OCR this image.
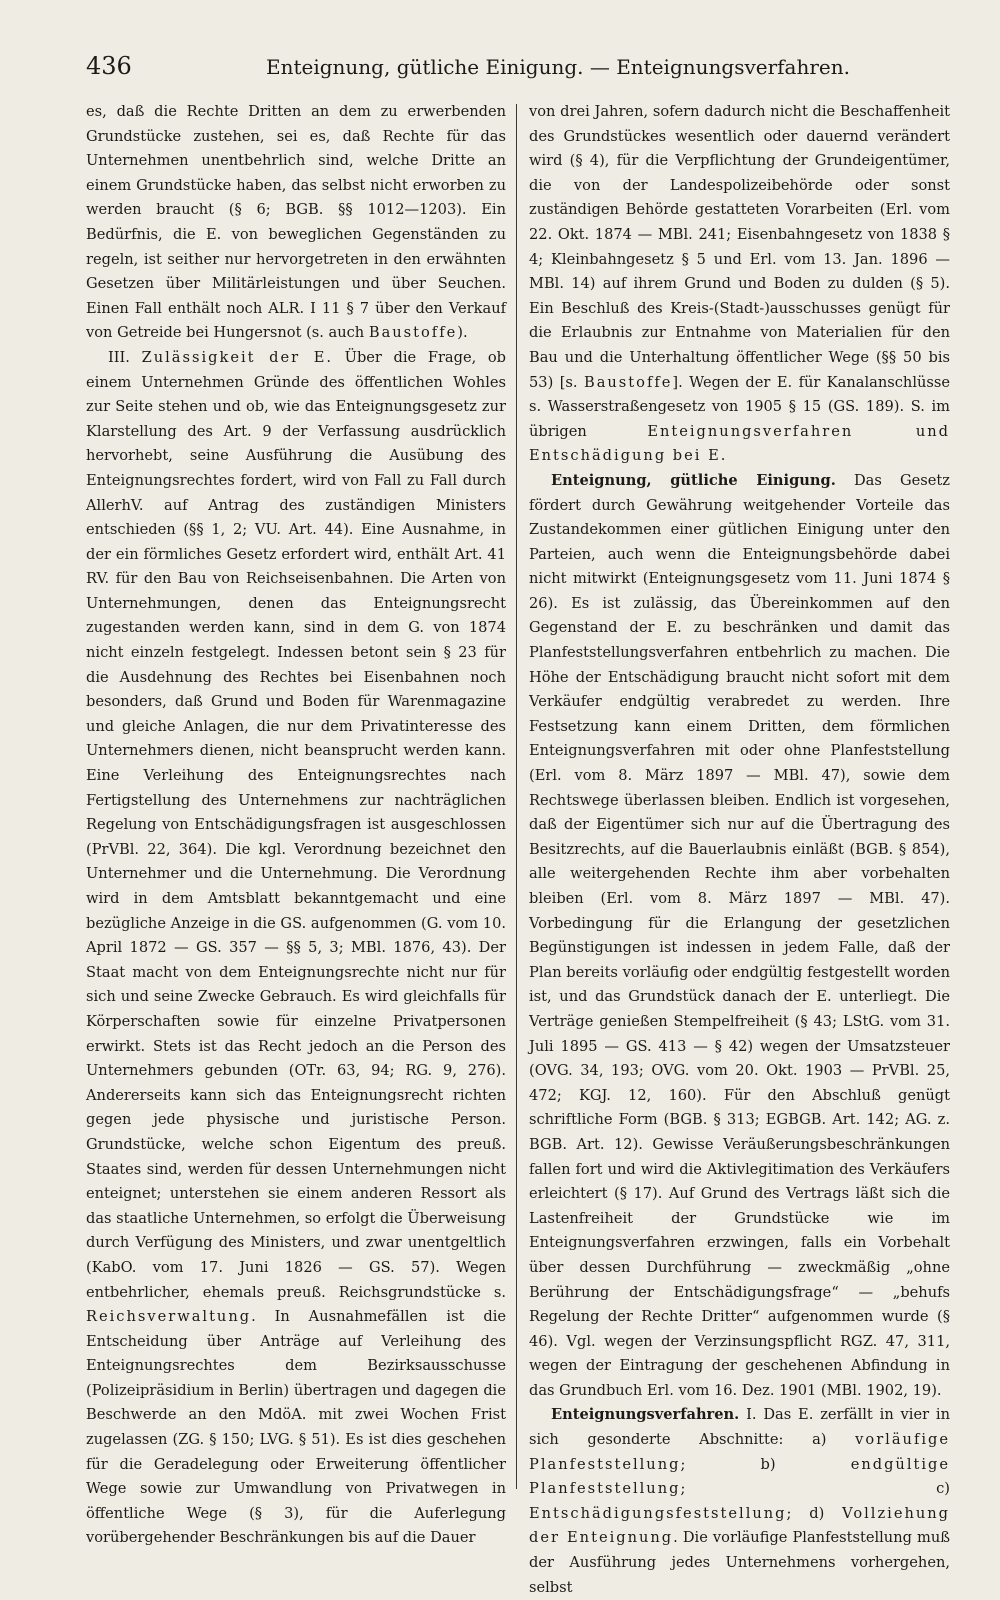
436	Enteignung, gütliche Einigung. — Enteignungsverfahren.

es, daß die Rechte Dritten an dem zu erwerbenden Grundstücke zustehen, sei es, daß Rechte für das Unternehmen unentbehrlich sind, welche Dritte an einem Grundstücke haben, das selbst nicht erworben zu werden braucht (§ 6; BGB. §§ 1012—1203). Ein Bedürfnis, die E. von beweglichen Gegenständen zu regeln, ist seither nur hervorgetreten in den erwähnten Gesetzen über Militärleistungen und über Seuchen. Einen Fall enthält noch ALR. I 11 § 7 über den Verkauf von Getreide bei Hungersnot (s. auch Baustoffe).

III. Zulässigkeit der E. Über die Frage, ob einem Unternehmen Gründe des öffentlichen Wohles zur Seite stehen und ob, wie das Enteignungsgesetz zur Klarstellung des Art. 9 der Verfassung ausdrücklich hervorhebt, seine Ausführung die Ausübung des Enteignungsrechtes fordert, wird von Fall zu Fall durch AllerhV. auf Antrag des zuständigen Ministers entschieden (§§ 1, 2; VU. Art. 44). Eine Ausnahme, in der ein förmliches Gesetz erfordert wird, enthält Art. 41 RV. für den Bau von Reichseisenbahnen. Die Arten von Unternehmungen, denen das Enteignungsrecht zugestanden werden kann, sind in dem G. von 1874 nicht einzeln festgelegt. Indessen betont sein § 23 für die Ausdehnung des Rechtes bei Eisenbahnen noch besonders, daß Grund und Boden für Warenmagazine und gleiche Anlagen, die nur dem Privatinteresse des Unternehmers dienen, nicht beansprucht werden kann. Eine Verleihung des Enteignungsrechtes nach Fertigstellung des Unternehmens zur nachträglichen Regelung von Entschädigungsfragen ist ausgeschlossen (PrVBl. 22, 364). Die kgl. Verordnung bezeichnet den Unternehmer und die Unternehmung. Die Verordnung wird in dem Amtsblatt bekanntgemacht und eine bezügliche Anzeige in die GS. aufgenommen (G. vom 10. April 1872 — GS. 357 — §§ 5, 3; MBl. 1876, 43). Der Staat macht von dem Enteignungsrechte nicht nur für sich und seine Zwecke Gebrauch. Es wird gleichfalls für Körperschaften sowie für einzelne Privatpersonen erwirkt. Stets ist das Recht jedoch an die Person des Unternehmers gebunden (OTr. 63, 94; RG. 9, 276). Andererseits kann sich das Enteignungsrecht richten gegen jede physische und juristische Person. Grundstücke, welche schon Eigentum des preuß. Staates sind, werden für dessen Unternehmungen nicht enteignet; unterstehen sie einem anderen Ressort als das staatliche Unternehmen, so erfolgt die Überweisung durch Verfügung des Ministers, und zwar unentgeltlich (KabO. vom 17. Juni 1826 — GS. 57). Wegen entbehrlicher, ehemals preuß. Reichsgrundstücke s. Reichsverwaltung. In Ausnahmefällen ist die Entscheidung über Anträge auf Verleihung des Enteignungsrechtes dem Bezirksausschusse (Polizeipräsidium in Berlin) übertragen und dagegen die Beschwerde an den MdöA. mit zwei Wochen Frist zugelassen (ZG. § 150; LVG. § 51). Es ist dies geschehen für die Geradelegung oder Erweiterung öffentlicher Wege sowie zur Umwandlung von Privatwegen in öffentliche Wege (§ 3), für die Auferlegung vorübergehender Beschränkungen bis auf die Dauer

von drei Jahren, sofern dadurch nicht die Beschaffenheit des Grundstückes wesentlich oder dauernd verändert wird (§ 4), für die Verpflichtung der Grundeigentümer, die von der Landespolizeibehörde oder sonst zuständigen Behörde gestatteten Vorarbeiten (Erl. vom 22. Okt. 1874 — MBl. 241; Eisenbahngesetz von 1838 § 4; Kleinbahngesetz § 5 und Erl. vom 13. Jan. 1896 — MBl. 14) auf ihrem Grund und Boden zu dulden (§ 5). Ein Beschluß des Kreis-(Stadt-)ausschusses genügt für die Erlaubnis zur Entnahme von Materialien für den Bau und die Unterhaltung öffentlicher Wege (§§ 50 bis 53) [s. Baustoffe]. Wegen der E. für Kanalanschlüsse s. Wasserstraßengesetz von 1905 § 15 (GS. 189). S. im übrigen Enteignungsverfahren und Entschädigung bei E.

Enteignung, gütliche Einigung. Das Gesetz fördert durch Gewährung weitgehender Vorteile das Zustandekommen einer gütlichen Einigung unter den Parteien, auch wenn die Enteignungsbehörde dabei nicht mitwirkt (Enteignungsgesetz vom 11. Juni 1874 § 26). Es ist zulässig, das Übereinkommen auf den Gegenstand der E. zu beschränken und damit das Planfeststellungsverfahren entbehrlich zu machen. Die Höhe der Entschädigung braucht nicht sofort mit dem Verkäufer endgültig verabredet zu werden. Ihre Festsetzung kann einem Dritten, dem förmlichen Enteignungsverfahren mit oder ohne Planfeststellung (Erl. vom 8. März 1897 — MBl. 47), sowie dem Rechtswege überlassen bleiben. Endlich ist vorgesehen, daß der Eigentümer sich nur auf die Übertragung des Besitzrechts, auf die Bauerlaubnis einläßt (BGB. § 854), alle weitergehenden Rechte ihm aber vorbehalten bleiben (Erl. vom 8. März 1897 — MBl. 47). Vorbedingung für die Erlangung der gesetzlichen Begünstigungen ist indessen in jedem Falle, daß der Plan bereits vorläufig oder endgültig festgestellt worden ist, und das Grundstück danach der E. unterliegt. Die Verträge genießen Stempelfreiheit (§ 43; LStG. vom 31. Juli 1895 — GS. 413 — § 42) wegen der Umsatzsteuer (OVG. 34, 193; OVG. vom 20. Okt. 1903 — PrVBl. 25, 472; KGJ. 12, 160). Für den Abschluß genügt schriftliche Form (BGB. § 313; EGBGB. Art. 142; AG. z. BGB. Art. 12). Gewisse Veräußerungsbeschränkungen fallen fort und wird die Aktivlegitimation des Verkäufers erleichtert (§ 17). Auf Grund des Vertrags läßt sich die Lastenfreiheit der Grundstücke wie im Enteignungsverfahren erzwingen, falls ein Vorbehalt über dessen Durchführung — zweckmäßig „ohne Berührung der Entschädigungsfrage“ — „behufs Regelung der Rechte Dritter“ aufgenommen wurde (§ 46). Vgl. wegen der Verzinsungspflicht RGZ. 47, 311, wegen der Eintragung der geschehenen Abfindung in das Grundbuch Erl. vom 16. Dez. 1901 (MBl. 1902, 19).

Enteignungsverfahren. I. Das E. zerfällt in vier in sich gesonderte Abschnitte: a) vorläufige Planfeststellung; b) endgültige Planfeststellung; c) Entschädigungsfeststellung; d) Vollziehung der Enteignung. Die vorläufige Planfeststellung muß der Ausführung jedes Unternehmens vorhergehen, selbst
